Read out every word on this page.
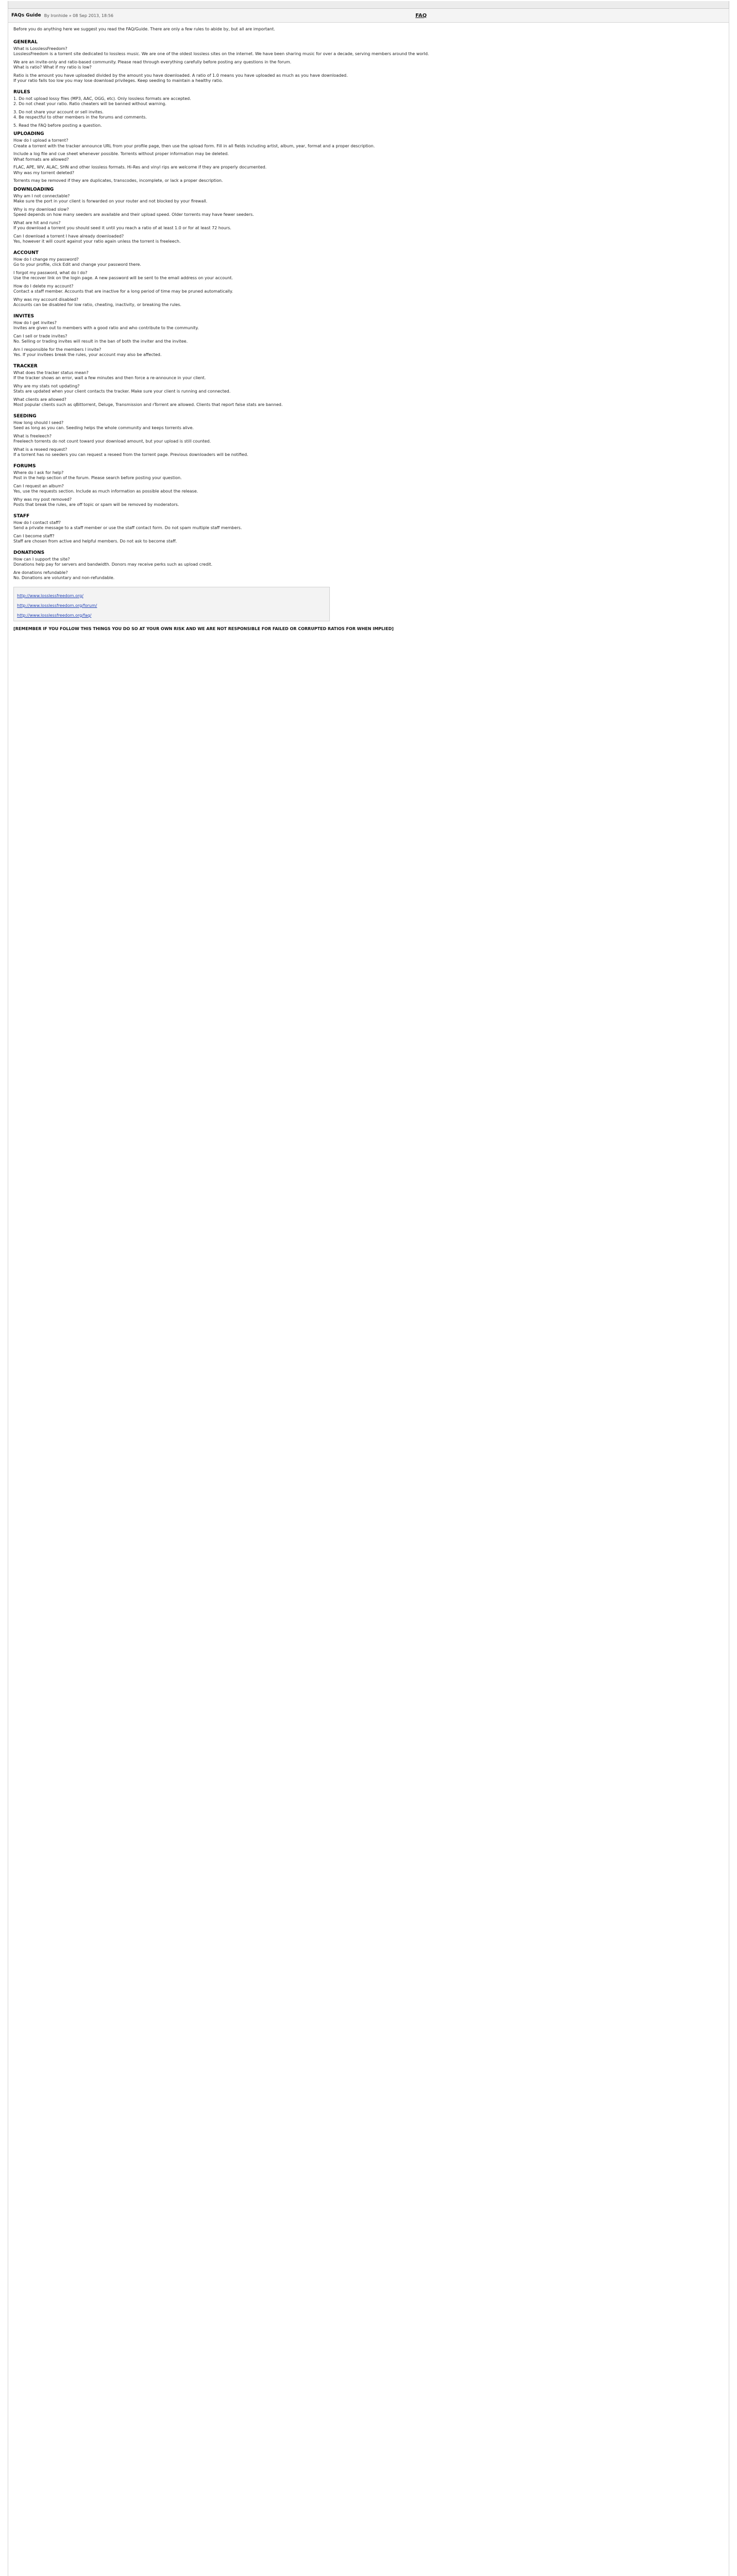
FAQs Guide By Ironhide » 08 Sep 2013, 18:56	FAQ

Before you do anything here we suggest you read the FAQ/Guide. There are only a few rules to abide by, but all are important.

GENERAL

What is LosslessFreedom?

LosslessFreedom is a torrent site dedicated to lossless music. We are one of the oldest lossless sites on the internet. We have been sharing music for over a decade, serving members around the world.

We are an invite-only and ratio-based community. Please read through everything carefully before posting any questions in the forum.

What is ratio? What if my ratio is low?

Ratio is the amount you have uploaded divided by the amount you have downloaded. A ratio of 1.0 means you have uploaded as much as you have downloaded.

If your ratio falls too low you may lose download privileges. Keep seeding to maintain a healthy ratio.

RULES

1. Do not upload lossy files (MP3, AAC, OGG, etc). Only lossless formats are accepted.

2. Do not cheat your ratio. Ratio cheaters will be banned without warning.

3. Do not share your account or sell invites.

4. Be respectful to other members in the forums and comments.

5. Read the FAQ before posting a question.

UPLOADING

How do I upload a torrent?

Create a torrent with the tracker announce URL from your profile page, then use the upload form. Fill in all fields including artist, album, year, format and a proper description.

Include a log file and cue sheet whenever possible. Torrents without proper information may be deleted.

What formats are allowed?

FLAC, APE, WV, ALAC, SHN and other lossless formats. Hi-Res and vinyl rips are welcome if they are properly documented.

Why was my torrent deleted?

Torrents may be removed if they are duplicates, transcodes, incomplete, or lack a proper description.

DOWNLOADING

Why am I not connectable?

Make sure the port in your client is forwarded on your router and not blocked by your firewall.

Why is my download slow?

Speed depends on how many seeders are available and their upload speed. Older torrents may have fewer seeders.

What are hit and runs?

If you download a torrent you should seed it until you reach a ratio of at least 1.0 or for at least 72 hours.

Can I download a torrent I have already downloaded?

Yes, however it will count against your ratio again unless the torrent is freeleech.

ACCOUNT

How do I change my password?

Go to your profile, click Edit and change your password there.

I forgot my password, what do I do?

Use the recover link on the login page. A new password will be sent to the email address on your account.

How do I delete my account?

Contact a staff member. Accounts that are inactive for a long period of time may be pruned automatically.

Why was my account disabled?

Accounts can be disabled for low ratio, cheating, inactivity, or breaking the rules.

INVITES

How do I get invites?

Invites are given out to members with a good ratio and who contribute to the community.

Can I sell or trade invites?

No. Selling or trading invites will result in the ban of both the inviter and the invitee.

Am I responsible for the members I invite?

Yes. If your invitees break the rules, your account may also be affected.

TRACKER

What does the tracker status mean?

If the tracker shows an error, wait a few minutes and then force a re-announce in your client.

Why are my stats not updating?

Stats are updated when your client contacts the tracker. Make sure your client is running and connected.

What clients are allowed?

Most popular clients such as qBittorrent, Deluge, Transmission and rTorrent are allowed. Clients that report false stats are banned.

SEEDING

How long should I seed?

Seed as long as you can. Seeding helps the whole community and keeps torrents alive.

What is freeleech?

Freeleech torrents do not count toward your download amount, but your upload is still counted.

What is a reseed request?

If a torrent has no seeders you can request a reseed from the torrent page. Previous downloaders will be notified.

FORUMS

Where do I ask for help?

Post in the help section of the forum. Please search before posting your question.

Can I request an album?

Yes, use the requests section. Include as much information as possible about the release.

Why was my post removed?

Posts that break the rules, are off topic or spam will be removed by moderators.

STAFF

How do I contact staff?

Send a private message to a staff member or use the staff contact form. Do not spam multiple staff members.

Can I become staff?

Staff are chosen from active and helpful members. Do not ask to become staff.

DONATIONS

How can I support the site?

Donations help pay for servers and bandwidth. Donors may receive perks such as upload credit.

Are donations refundable?

No. Donations are voluntary and non-refundable.

http://www.losslessfreedom.org/
http://www.losslessfreedom.org/forum/
http://www.losslessfreedom.org/faq/
[REMEMBER IF YOU FOLLOW THIS THINGS YOU DO SO AT YOUR OWN RISK AND WE ARE NOT RESPONSIBLE FOR FAILED OR CORRUPTED RATIOS FOR WHEN IMPLIED]
